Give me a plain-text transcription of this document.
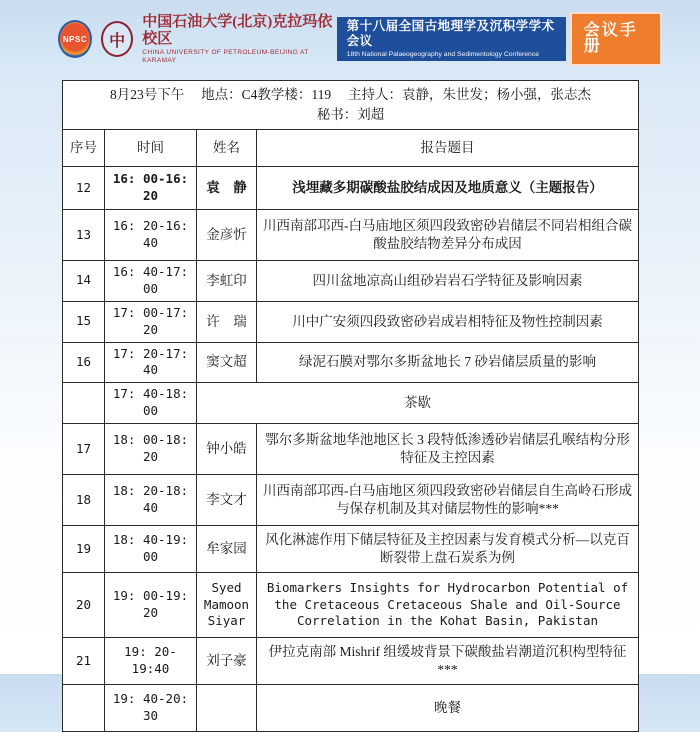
NPSC 中
中国石油大学(北京)克拉玛依校区
CHINA UNIVERSITY OF PETROLEUM-BEIJING AT KARAMAY
第十八届全国古地理学及沉积学学术会议
18th National Palaeogeography and Sedimentology Conference
会议手册
8月23号下午　 地点：C4教学楼：119　 主持人：袁静，朱世发；杨小强，张志杰
秘书：刘超			

序号	时间	姓名	报告题目
12	16: 00-16: 20	袁　静	浅埋藏多期碳酸盐胶结成因及地质意义（主题报告）
13	16: 20-16: 40	金彦忻	川西南部邛西-白马庙地区须四段致密砂岩储层不同岩相组合碳酸盐胶结物差异分布成因
14	16: 40-17: 00	李虹印	四川盆地凉高山组砂岩岩石学特征及影响因素
15	17: 00-17: 20	许　瑞	川中广安须四段致密砂岩成岩相特征及物性控制因素
16	17: 20-17: 40	窦文超	绿泥石膜对鄂尔多斯盆地长 7 砂岩储层质量的影响
	17: 40-18: 00	茶歇	
17	18: 00-18: 20	钟小皓	鄂尔多斯盆地华池地区长 3 段特低渗透砂岩储层孔喉结构分形特征及主控因素
18	18: 20-18: 40	李文才	川西南部邛西-白马庙地区须四段致密砂岩储层自生高岭石形成与保存机制及其对储层物性的影响***
19	18: 40-19: 00	牟家园	风化淋滤作用下储层特征及主控因素与发育模式分析—以克百断裂带上盘石炭系为例
20	19: 00-19: 20	Syed Mamoon Siyar	Biomarkers Insights for Hydrocarbon Potential of the Cretaceous Cretaceous Shale and Oil-Source Correlation in the Kohat Basin, Pakistan
21	19: 20-19:40	刘子豪	伊拉克南部 Mishrif 组缓坡背景下碳酸盐岩潮道沉积构型特征***
	19: 40-20: 30		晚餐
